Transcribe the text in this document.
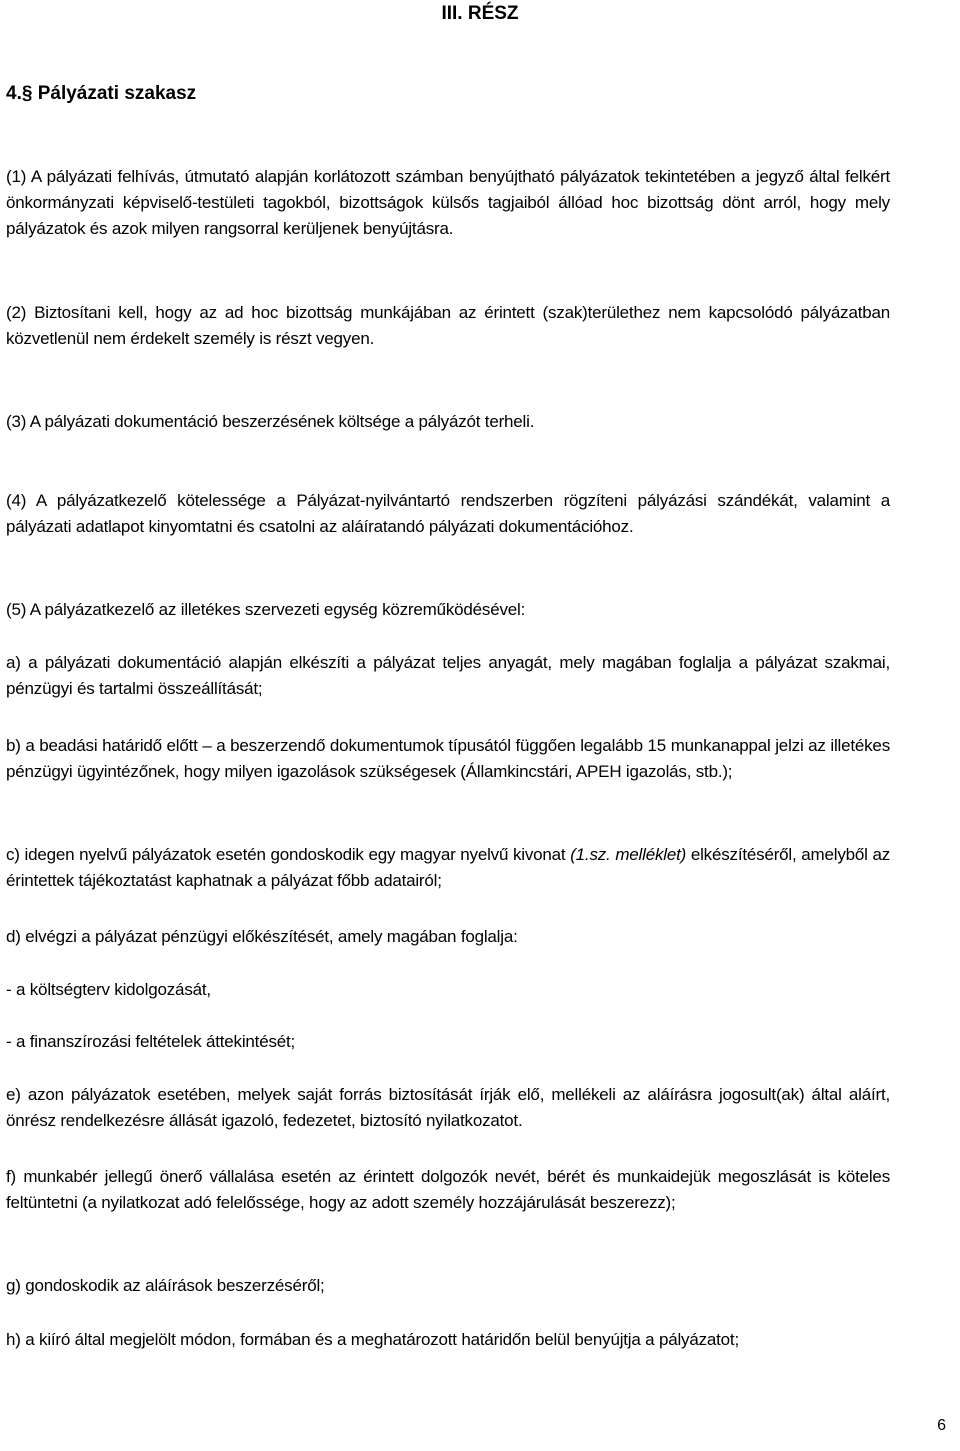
III. RÉSZ
4.§ Pályázati szakasz

(1) A pályázati felhívás, útmutató alapján korlátozott számban benyújtható pályázatok tekintetében a jegyző által felkért önkormányzati képviselő-testületi tagokból, bizottságok külsős tagjaiból állóad hoc bizottság dönt arról, hogy mely pályázatok és azok milyen rangsorral kerüljenek benyújtásra.

(2) Biztosítani kell, hogy az ad hoc bizottság munkájában az érintett (szak)területhez nem kapcsolódó pályázatban közvetlenül nem érdekelt személy is részt vegyen.

(3) A pályázati dokumentáció beszerzésének költsége a pályázót terheli.

(4) A pályázatkezelő kötelessége a Pályázat-nyilvántartó rendszerben rögzíteni pályázási szándékát, valamint a pályázati adatlapot kinyomtatni és csatolni az aláíratandó pályázati dokumentációhoz.

(5) A pályázatkezelő az illetékes szervezeti egység közreműködésével:

a) a pályázati dokumentáció alapján elkészíti a pályázat teljes anyagát, mely magában foglalja a pályázat szakmai, pénzügyi és tartalmi összeállítását;

b) a beadási határidő előtt – a beszerzendő dokumentumok típusától függően legalább 15 munkanappal jelzi az illetékes pénzügyi ügyintézőnek, hogy milyen igazolások szükségesek (Államkincstári, APEH igazolás, stb.);

c) idegen nyelvű pályázatok esetén gondoskodik egy magyar nyelvű kivonat (1.sz. melléklet) elkészítéséről, amelyből az érintettek tájékoztatást kaphatnak a pályázat főbb adatairól;

d) elvégzi a pályázat pénzügyi előkészítését, amely magában foglalja:

- a költségterv kidolgozását,

- a finanszírozási feltételek áttekintését;

e) azon pályázatok esetében, melyek saját forrás biztosítását írják elő, mellékeli az aláírásra jogosult(ak) által aláírt, önrész rendelkezésre állását igazoló, fedezetet, biztosító nyilatkozatot.

f) munkabér jellegű önerő vállalása esetén az érintett dolgozók nevét, bérét és munkaidejük megoszlását is köteles feltüntetni (a nyilatkozat adó felelőssége, hogy az adott személy hozzájárulását beszerezz);

g) gondoskodik az aláírások beszerzéséről;

h) a kiíró által megjelölt módon, formában és a meghatározott határidőn belül benyújtja a pályázatot;

6
